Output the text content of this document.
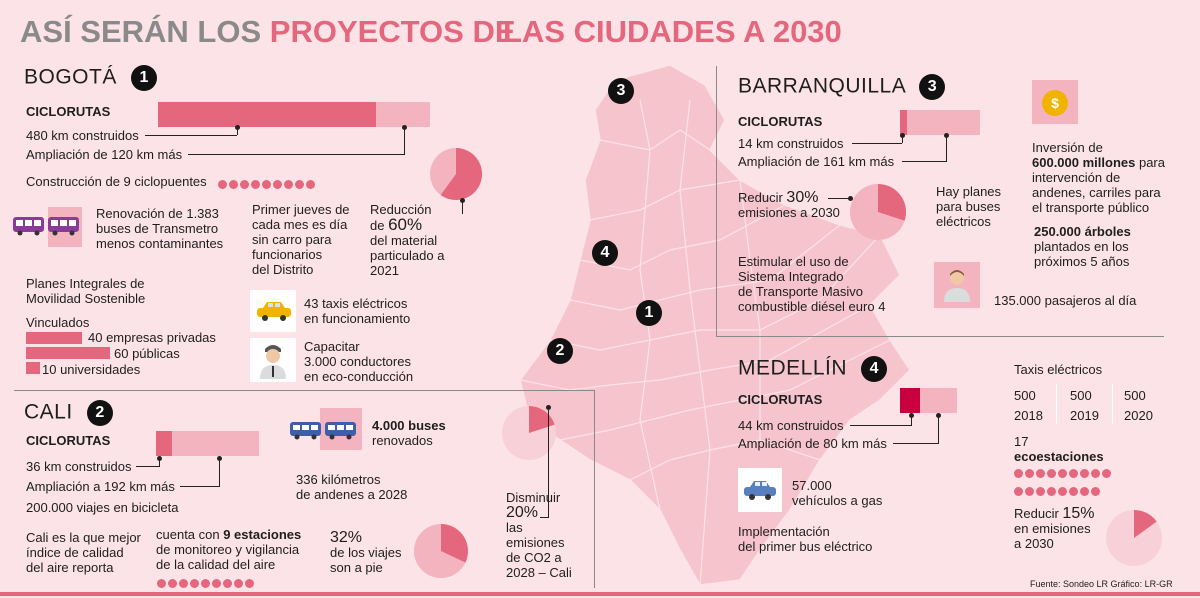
3
4
1
2
ASÍ SERÁN LOS PROYECTOS DE
LAS CIUDADES A 2030
BOGOTÁ 1
CICLORUTAS
480 km construidos
Ampliación de 120 km más
Construcción de 9 ciclopuentes
Renovación de 1.383
buses de Transmetro
menos contaminantes
Primer jueves de
cada mes es día
sin carro para
funcionarios
del Distrito
Reducción
de 60%
del material
particulado a
2021
Planes Integrales de
Movilidad Sostenible
Vinculados
40 empresas privadas
60 públicas
10 universidades
43 taxis eléctricos
en funcionamiento
Capacitar
3.000 conductores
en eco-conducción
BARRANQUILLA 3
CICLORUTAS
14 km construidos
Ampliación de 161 km más
Reducir 30%
emisiones a 2030
Hay planes
para buses
eléctricos
Estimular el uso de
Sistema Integrado
de Transporte Masivo
combustible diésel euro 4
$
Inversión de
600.000 millones para
intervención de
andenes, carriles para
el transporte público
250.000 árboles
plantados en los
próximos 5 años
135.000 pasajeros al día
CALI 2
CICLORUTAS
36 km construidos
Ampliación a 192 km más
200.000 viajes en bicicleta
Cali es la que mejor
índice de calidad
del aire reporta
cuenta con 9 estaciones
de monitoreo y vigilancia
de la calidad del aire
4.000 buses
renovados
336 kilómetros
de andenes a 2028
32%
de los viajes
son a pie
Disminuir
20%
las
emisiones
de CO2 a
2028 – Cali
MEDELLÍN 4
CICLORUTAS
44 km construidos
Ampliación de 80 km más
57.000
vehículos a gas
Implementación
del primer bus eléctrico
Taxis eléctricos
500
2018
500
2019
500
2020
17
ecoestaciones

Reducir 15%
en emisiones
a 2030
Fuente: Sondeo LR Gráfico: LR-GR
